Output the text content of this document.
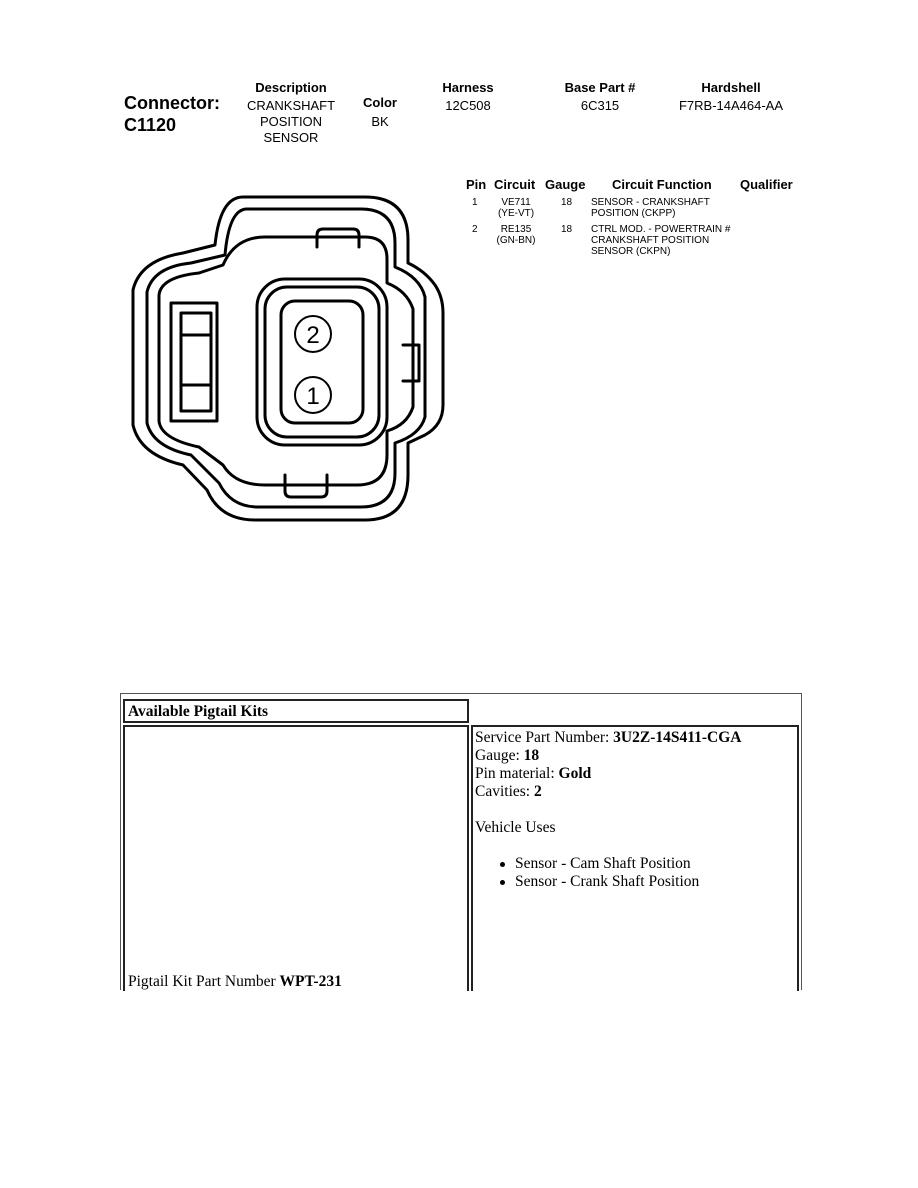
Connector:
C1120
Description
CRANKSHAFT
POSITION
SENSOR
Color
BK
Harness
12C508
Base Part #
6C315
Hardshell
F7RB-14A464-AA
Pin Circuit Gauge Circuit Function Qualifier
1	VE711
(YE-VT)
18 SENSOR - CRANKSHAFT
POSITION (CKPP)
2	RE135
(GN-BN)
18 CTRL MOD. - POWERTRAIN #
CRANKSHAFT POSITION
SENSOR (CKPN)
2
1
Available Pigtail Kits
Pigtail Kit Part Number WPT-231
Service Part Number: 3U2Z-14S411-CGA
Gauge: 18
Pin material: Gold
Cavities: 2
Vehicle Uses
Sensor - Cam Shaft Position
Sensor - Crank Shaft Position
